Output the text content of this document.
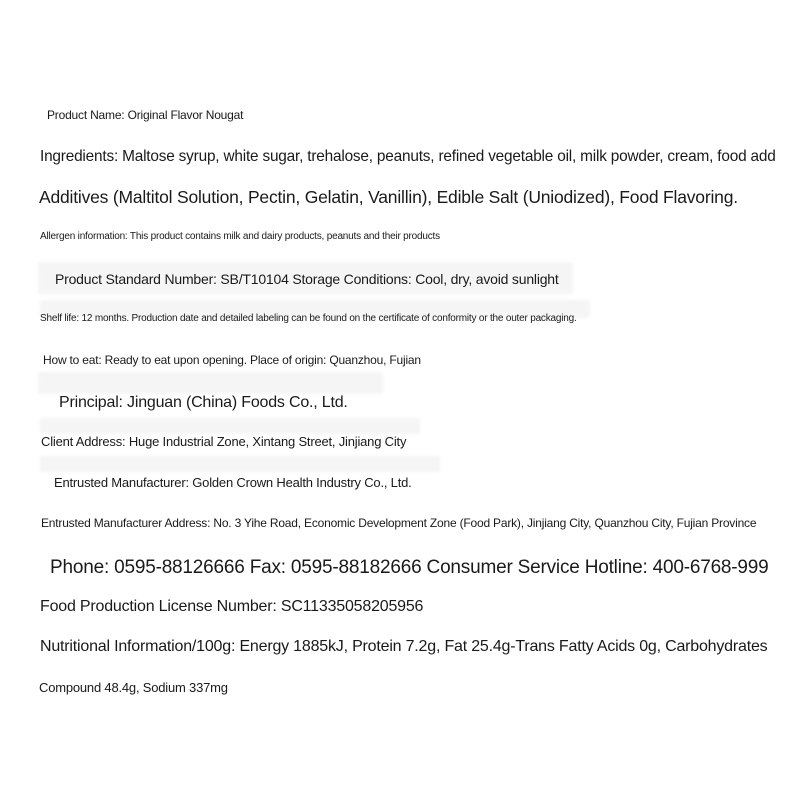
Product Name: Original Flavor Nougat
Ingredients: Maltose syrup, white sugar, trehalose, peanuts, refined vegetable oil, milk powder, cream, food add
Additives (Maltitol Solution, Pectin, Gelatin, Vanillin), Edible Salt (Uniodized), Food Flavoring.
Allergen information: This product contains milk and dairy products, peanuts and their products
Product Standard Number: SB/T10104 Storage Conditions: Cool, dry, avoid sunlight
Shelf life: 12 months. Production date and detailed labeling can be found on the certificate of conformity or the outer packaging.
How to eat: Ready to eat upon opening. Place of origin: Quanzhou, Fujian
Principal: Jinguan (China) Foods Co., Ltd.
Client Address: Huge Industrial Zone, Xintang Street, Jinjiang City
Entrusted Manufacturer: Golden Crown Health Industry Co., Ltd.
Entrusted Manufacturer Address: No. 3 Yihe Road, Economic Development Zone (Food Park), Jinjiang City, Quanzhou City, Fujian Province
Phone: 0595-88126666 Fax: 0595-88182666 Consumer Service Hotline: 400-6768-999
Food Production License Number: SC11335058205956
Nutritional Information/100g: Energy 1885kJ, Protein 7.2g, Fat 25.4g-Trans Fatty Acids 0g, Carbohydrates
Compound 48.4g, Sodium 337mg
